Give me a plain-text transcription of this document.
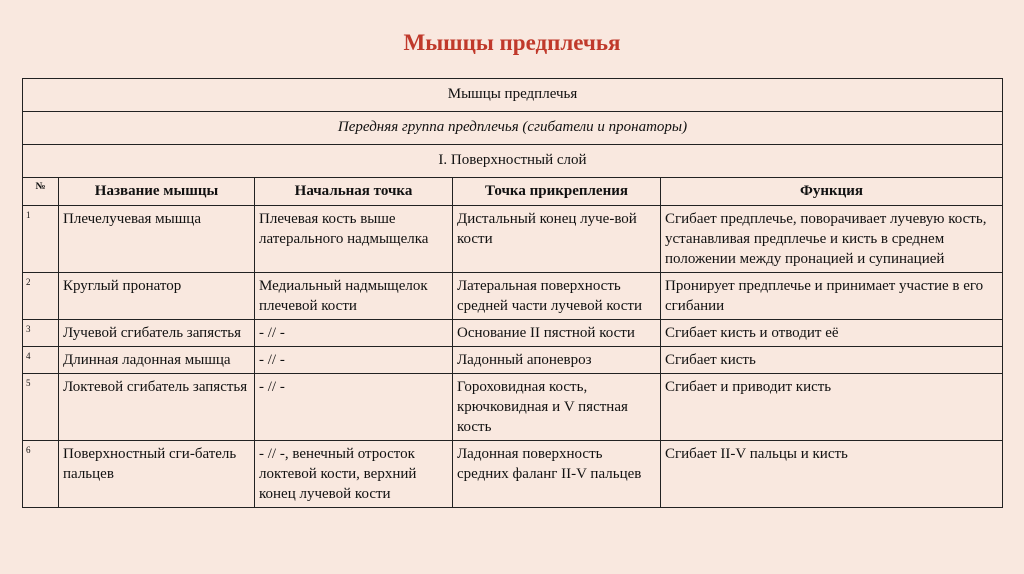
Мышцы предплечья
Мышцы предплечья				
Передняя группа предплечья (сгибатели и пронаторы)				
I. Поверхностный слой				
№	Название мышцы	Начальная точка	Точка прикрепления	Функция
1	Плечелучевая мышца	Плечевая кость выше латерального надмыщелка	Дистальный конец луче-вой кости	Сгибает предплечье, поворачивает лучевую кость, устанавливая предплечье и кисть в среднем положении между пронацией и супинацией
2	Круглый пронатор	Медиальный надмыщелок плечевой кости	Латеральная поверхность средней части лучевой кости	Пронирует предплечье и принимает участие в его сгибании
3	Лучевой сгибатель запястья	- // -	Основание II пястной кости	Сгибает кисть и отводит её
4	Длинная ладонная мышца	- // -	Ладонный апоневроз	Сгибает кисть
5	Локтевой сгибатель запястья	- // -	Гороховидная кость, крючковидная и V пястная кость	Сгибает и приводит кисть
6	Поверхностный сги-батель пальцев	- // -, венечный отросток локтевой кости, верхний конец лучевой кости	Ладонная поверхность средних фаланг II-V пальцев	Сгибает II-V пальцы и кисть
